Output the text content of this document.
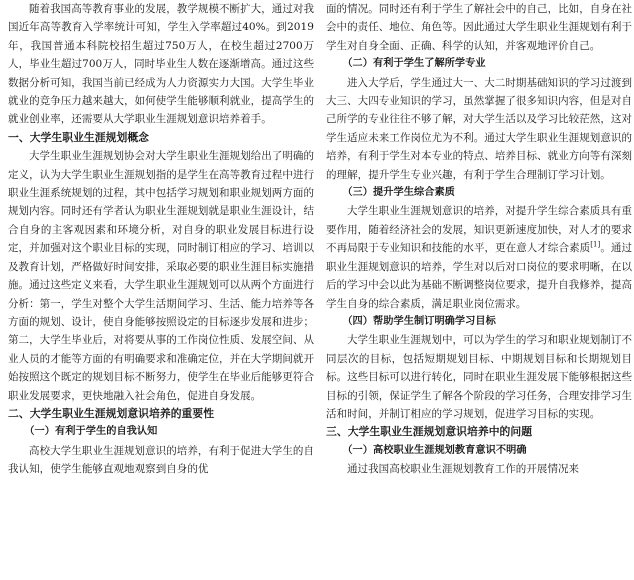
随着我国高等教育事业的发展，教学规模不断扩大，通过对我国近年高等教育入学率统计可知，学生入学率超过40%。到2019年，我国普通本科院校招生超过750万人，在校生超过2700万人，毕业生超过700万人，同时毕业生人数在逐渐增高。通过这些数据分析可知，我国当前已经成为人力资源实力大国。大学生毕业就业的竞争压力越来越大，如何使学生能够顺利就业，提高学生的就业创业率，还需要从大学职业生涯规划意识培养着手。

一、大学生职业生涯规划概念

大学生职业生涯规划协会对大学生职业生涯规划给出了明确的定义，认为大学生职业生涯规划指的是学生在高等教育过程中进行职业生涯系统规划的过程，其中包括学习规划和职业规划两方面的规划内容。同时还有学者认为职业生涯规划就是职业生涯设计，结合自身的主客观因素和环境分析，对自身的职业发展目标进行设定，并加强对这个职业目标的实现，同时制订相应的学习、培训以及教育计划，严格做好时间安排，采取必要的职业生涯目标实施措施。通过这些定义来看，大学生职业生涯规划可以从两个方面进行分析：第一，学生对整个大学生活期间学习、生活、能力培养等各方面的规划、设计，使自身能够按照设定的目标逐步发展和进步；第二，大学生毕业后，对将要从事的工作岗位性质、发展空间、从业人员的才能等方面的有明确要求和准确定位，并在大学期间就开始按照这个既定的规划目标不断努力，使学生在毕业后能够更符合职业发展要求，更快地融入社会角色，促进自身发展。

二、大学生职业生涯规划意识培养的重要性

（一）有利于学生的自我认知

高校大学生职业生涯规划意识的培养，有利于促进大学生的自我认知，使学生能够直观地观察到自身的优

面的情况。同时还有利于学生了解社会中的自己，比如，自身在社会中的责任、地位、角色等。因此通过大学生职业生涯规划有利于学生对自身全面、正确、科学的认知，并客观地评价自己。

（二）有利于学生了解所学专业

进入大学后，学生通过大一、大二时期基础知识的学习过渡到大三、大四专业知识的学习，虽然掌握了很多知识内容，但是对自己所学的专业往往不够了解，对大学生活以及学习比较茫然，这对学生适应未来工作岗位尤为不利。通过大学生职业生涯规划意识的培养，有利于学生对本专业的特点、培养目标、就业方向等有深刻的理解，提升学生专业兴趣，有利于学生合理制订学习计划。

（三）提升学生综合素质

大学生职业生涯规划意识的培养，对提升学生综合素质具有重要作用，随着经济社会的发展，知识更新速度加快，对人才的要求不再局限于专业知识和技能的水平，更在意人才综合素质[1]。通过职业生涯规划意识的培养，学生对以后对口岗位的要求明晰，在以后的学习中会以此为基础不断调整岗位要求，提升自我修养，提高学生自身的综合素质，满足职业岗位需求。

（四）帮助学生制订明确学习目标

大学生职业生涯规划中，可以为学生的学习和职业规划制订不同层次的目标，包括短期规划目标、中期规划目标和长期规划目标。这些目标可以进行转化，同时在职业生涯发展下能够根据这些目标的引领，保证学生了解各个阶段的学习任务，合理安排学习生活和时间，并制订相应的学习规划，促进学习目标的实现。

三、大学生职业生涯规划意识培养中的问题

（一）高校职业生涯规划教育意识不明确

通过我国高校职业生涯规划教育工作的开展情况来
